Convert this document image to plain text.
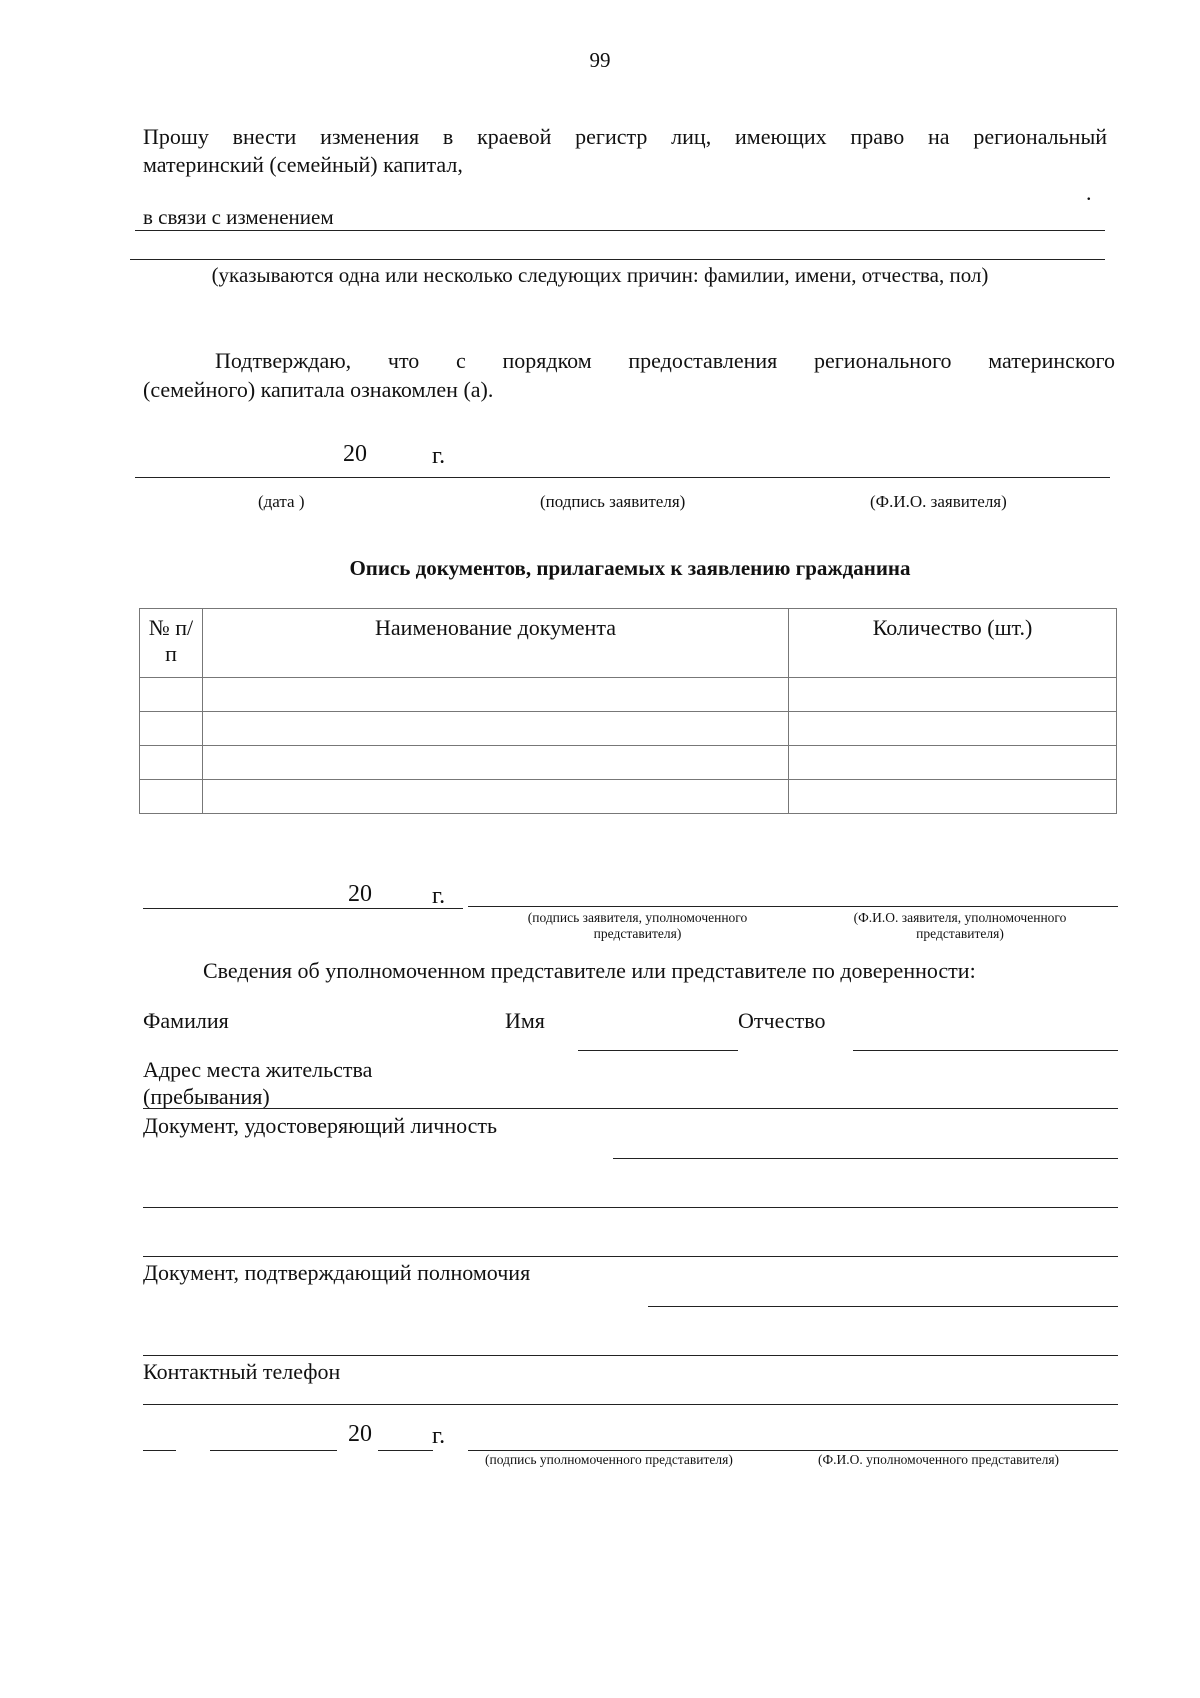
99
Прошу внести изменения в краевой регистр лиц, имеющих право на региональный
материнский (семейный) капитал,
.
в связи с изменением
(указываются одна или несколько следующих причин: фамилии, имени, отчества, пол)
Подтверждаю, что с порядком предоставления регионального материнского
(семейного) капитала ознакомлен (а).
20	г.
(дата )	(подпись заявителя)	(Ф.И.О. заявителя)
Опись документов, прилагаемых к заявлению гражданина
№ п/п	Наименование документа	Количество (шт.)

20	г.
(подпись заявителя, уполномоченного представителя)
(Ф.И.О. заявителя, уполномоченного представителя)
Сведения об уполномоченном представителе или представителе по доверенности:
Фамилия	Имя	Отчество
Адрес места жительства
(пребывания)
Документ, удостоверяющий личность
Документ, подтверждающий полномочия
Контактный телефон
20	г.
(подпись уполномоченного представителя)	(Ф.И.О. уполномоченного представителя)
